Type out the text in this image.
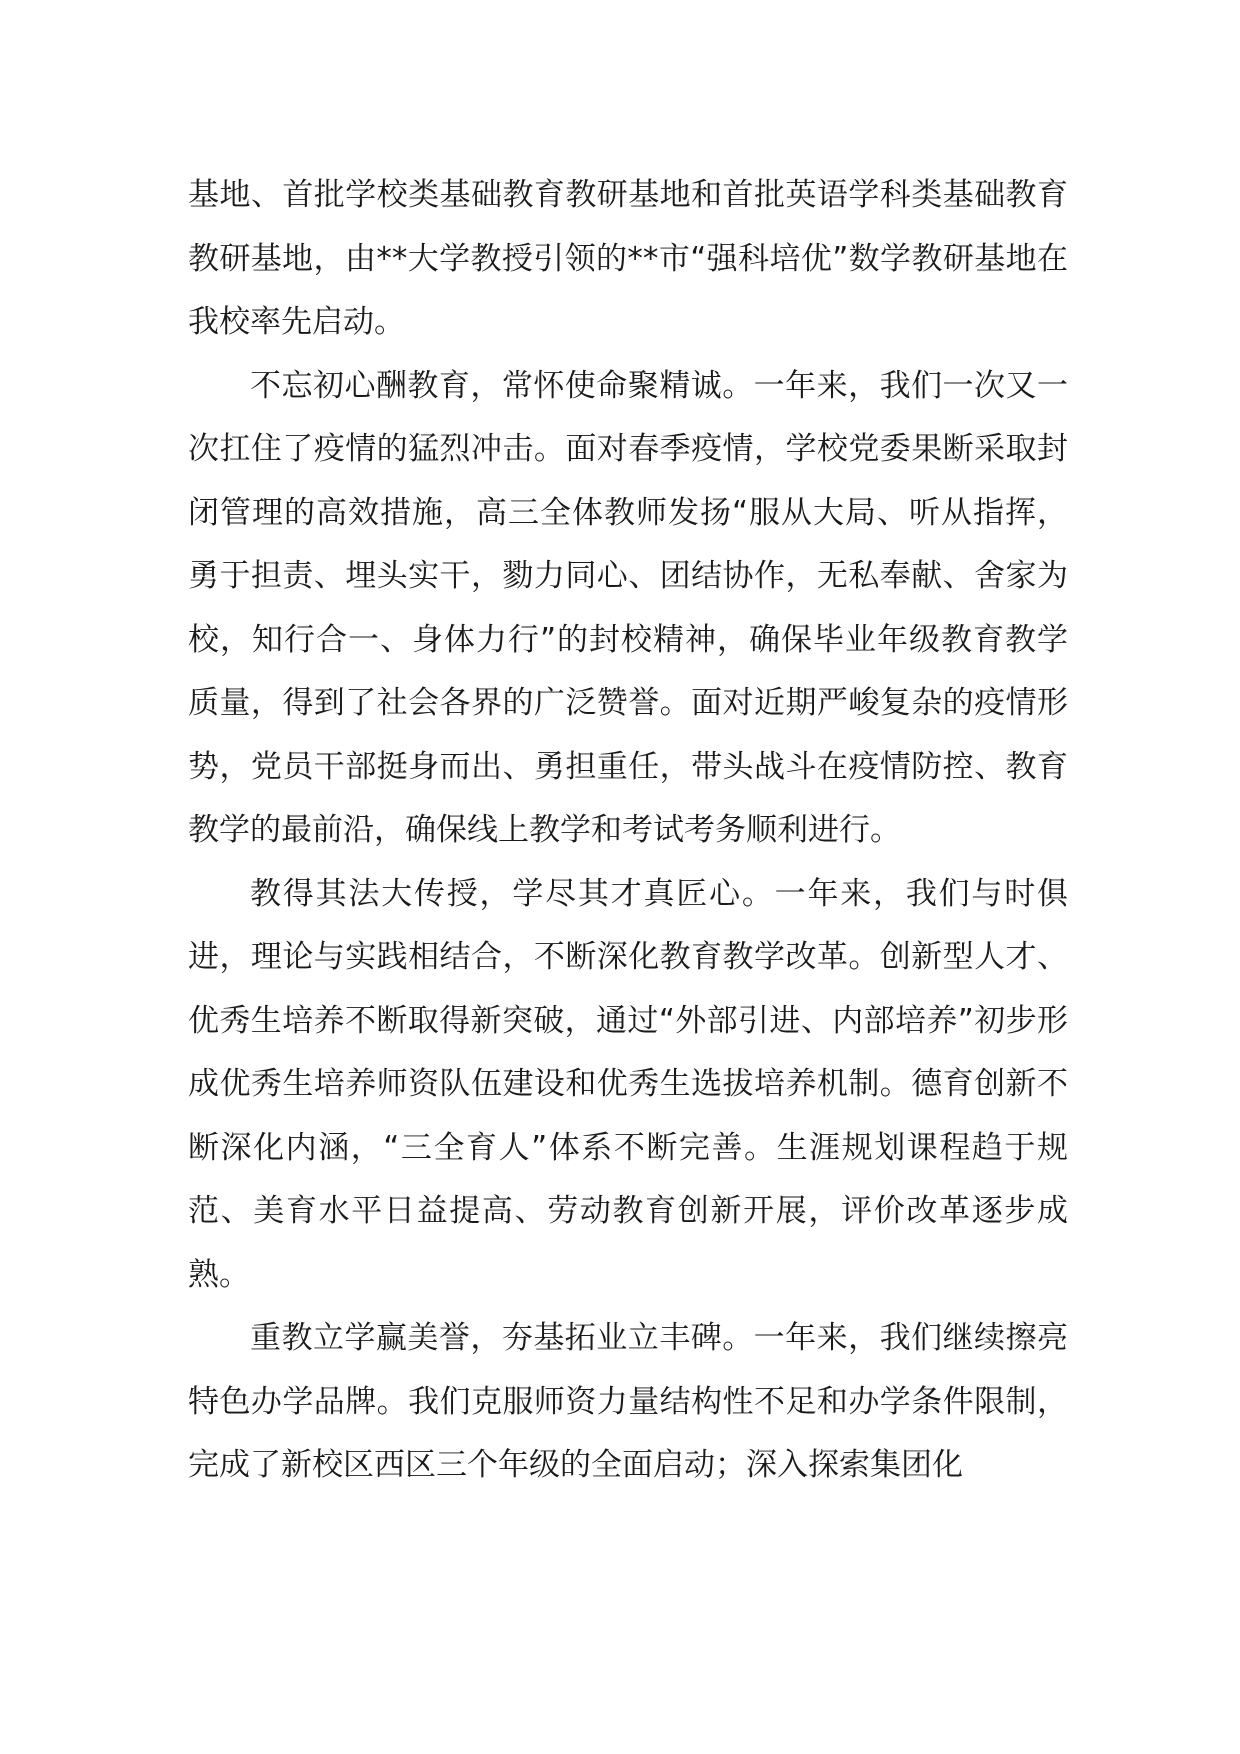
基地、首批学校类基础教育教研基地和首批英语学科类基础教育教研基地，由**大学教授引领的**市“强科培优”数学教研基地在我校率先启动。

不忘初心酬教育，常怀使命聚精诚。一年来，我们一次又一次扛住了疫情的猛烈冲击。面对春季疫情，学校党委果断采取封闭管理的高效措施，高三全体教师发扬“服从大局、听从指挥，勇于担责、埋头实干，勠力同心、团结协作，无私奉献、舍家为校，知行合一、身体力行”的封校精神，确保毕业年级教育教学质量，得到了社会各界的广泛赞誉。面对近期严峻复杂的疫情形势，党员干部挺身而出、勇担重任，带头战斗在疫情防控、教育教学的最前沿，确保线上教学和考试考务顺利进行。

教得其法大传授，学尽其才真匠心。一年来，我们与时俱进，理论与实践相结合，不断深化教育教学改革。创新型人才、优秀生培养不断取得新突破，通过“外部引进、内部培养”初步形成优秀生培养师资队伍建设和优秀生选拔培养机制。德育创新不断深化内涵，“三全育人”体系不断完善。生涯规划课程趋于规范、美育水平日益提高、劳动教育创新开展，评价改革逐步成熟。

重教立学赢美誉，夯基拓业立丰碑。一年来，我们继续擦亮特色办学品牌。我们克服师资力量结构性不足和办学条件限制，完成了新校区西区三个年级的全面启动；深入探索集团化
